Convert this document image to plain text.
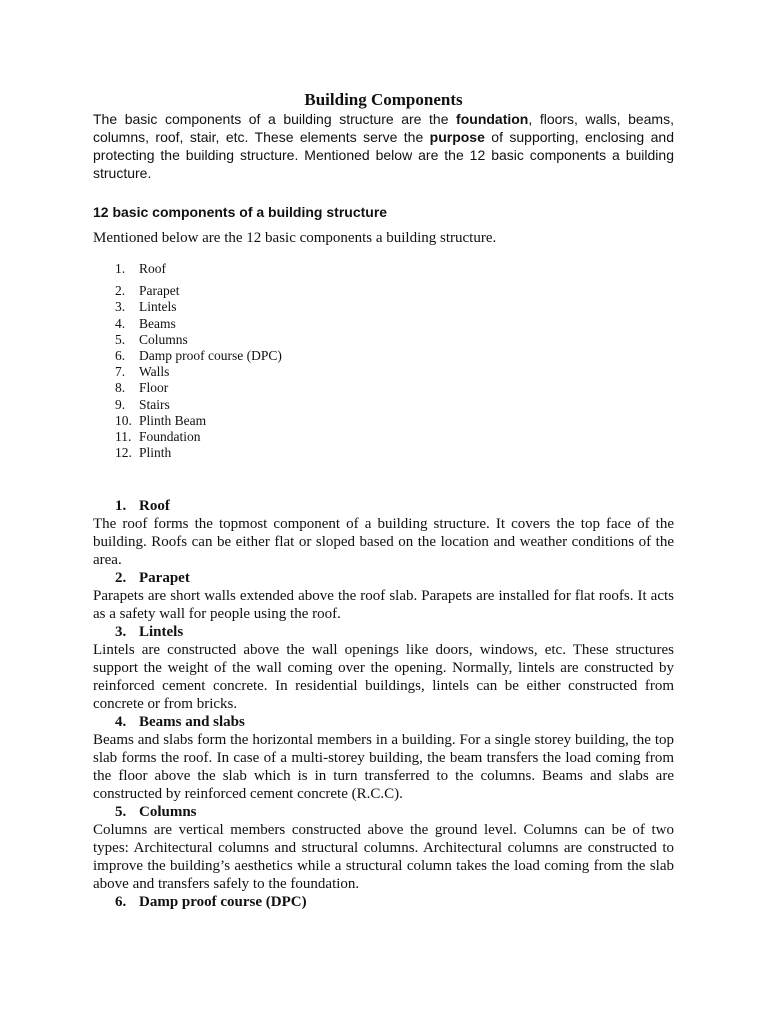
Building Components

The basic components of a building structure are the foundation, floors, walls, beams, columns, roof, stair, etc. These elements serve the purpose of supporting, enclosing and protecting the building structure. Mentioned below are the 12 basic components a building structure.

12 basic components of a building structure

Mentioned below are the 12 basic components a building structure.

1.	Roof
2.	Parapet
3.	Lintels
4.	Beams
5.	Columns
6.	Damp proof course (DPC)
7.	Walls
8.	Floor
9.	Stairs
10. Plinth Beam
11. Foundation
12. Plinth
1. Roof

The roof forms the topmost component of a building structure. It covers the top face of the building. Roofs can be either flat or sloped based on the location and weather conditions of the area.

2. Parapet

Parapets are short walls extended above the roof slab. Parapets are installed for flat roofs. It acts as a safety wall for people using the roof.

3. Lintels

Lintels are constructed above the wall openings like doors, windows, etc. These structures support the weight of the wall coming over the opening. Normally, lintels are constructed by reinforced cement concrete. In residential buildings, lintels can be either constructed from concrete or from bricks.

4. Beams and slabs

Beams and slabs form the horizontal members in a building. For a single storey building, the top slab forms the roof. In case of a multi-storey building, the beam transfers the load coming from the floor above the slab which is in turn transferred to the columns. Beams and slabs are constructed by reinforced cement concrete (R.C.C).

5. Columns

Columns are vertical members constructed above the ground level. Columns can be of two types: Architectural columns and structural columns. Architectural columns are constructed to improve the building’s aesthetics while a structural column takes the load coming from the slab above and transfers safely to the foundation.

6. Damp proof course (DPC)
